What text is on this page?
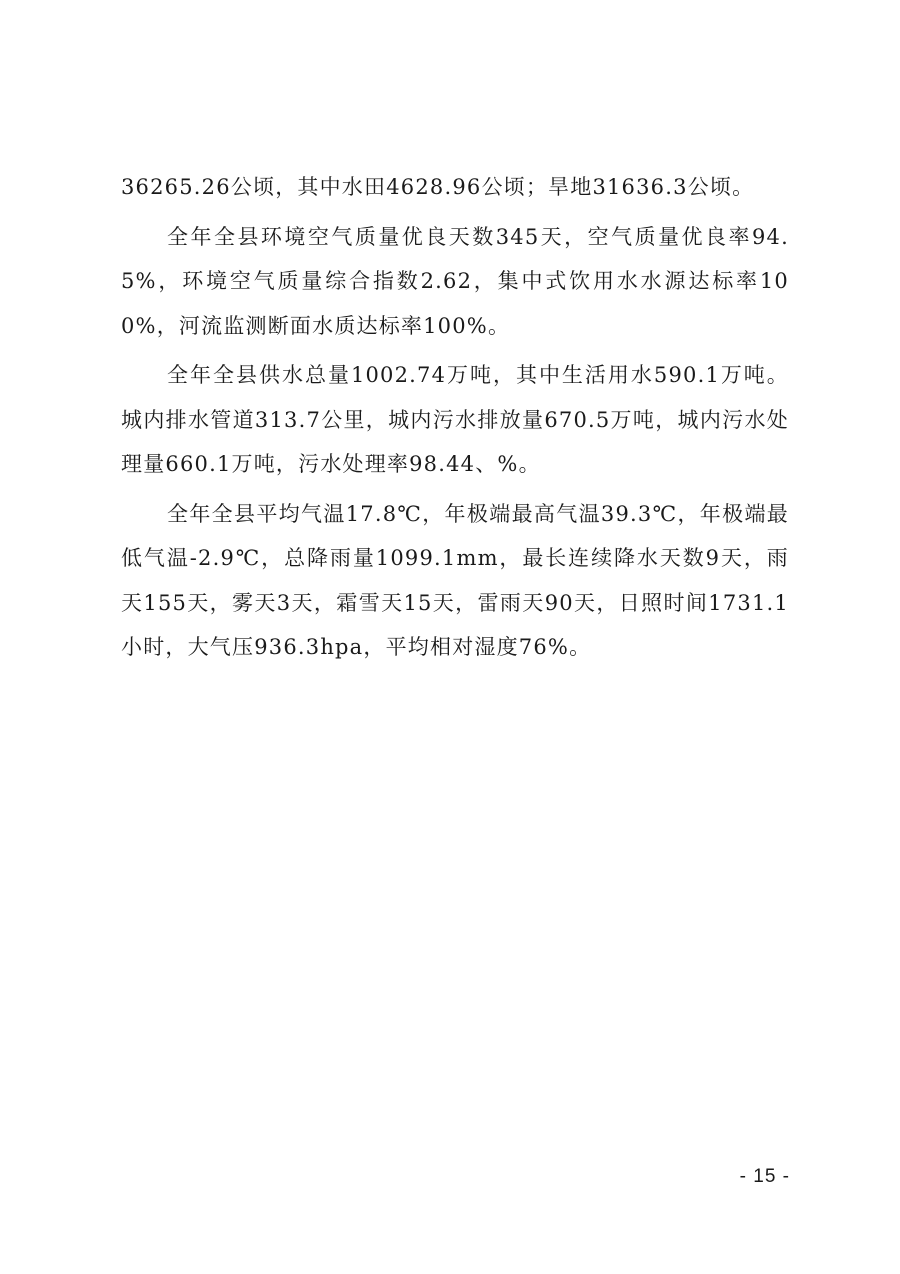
36265.26公顷，其中水田4628.96公顷；旱地31636.3公顷。

全年全县环境空气质量优良天数345天，空气质量优良率94.5%，环境空气质量综合指数2.62，集中式饮用水水源达标率100%，河流监测断面水质达标率100%。

全年全县供水总量1002.74万吨，其中生活用水590.1万吨。城内排水管道313.7公里，城内污水排放量670.5万吨，城内污水处理量660.1万吨，污水处理率98.44、%。

全年全县平均气温17.8℃，年极端最高气温39.3℃，年极端最低气温-2.9℃，总降雨量1099.1mm，最长连续降水天数9天，雨天155天，雾天3天，霜雪天15天，雷雨天90天，日照时间1731.1小时，大气压936.3hpa，平均相对湿度76%。

- 15 -
